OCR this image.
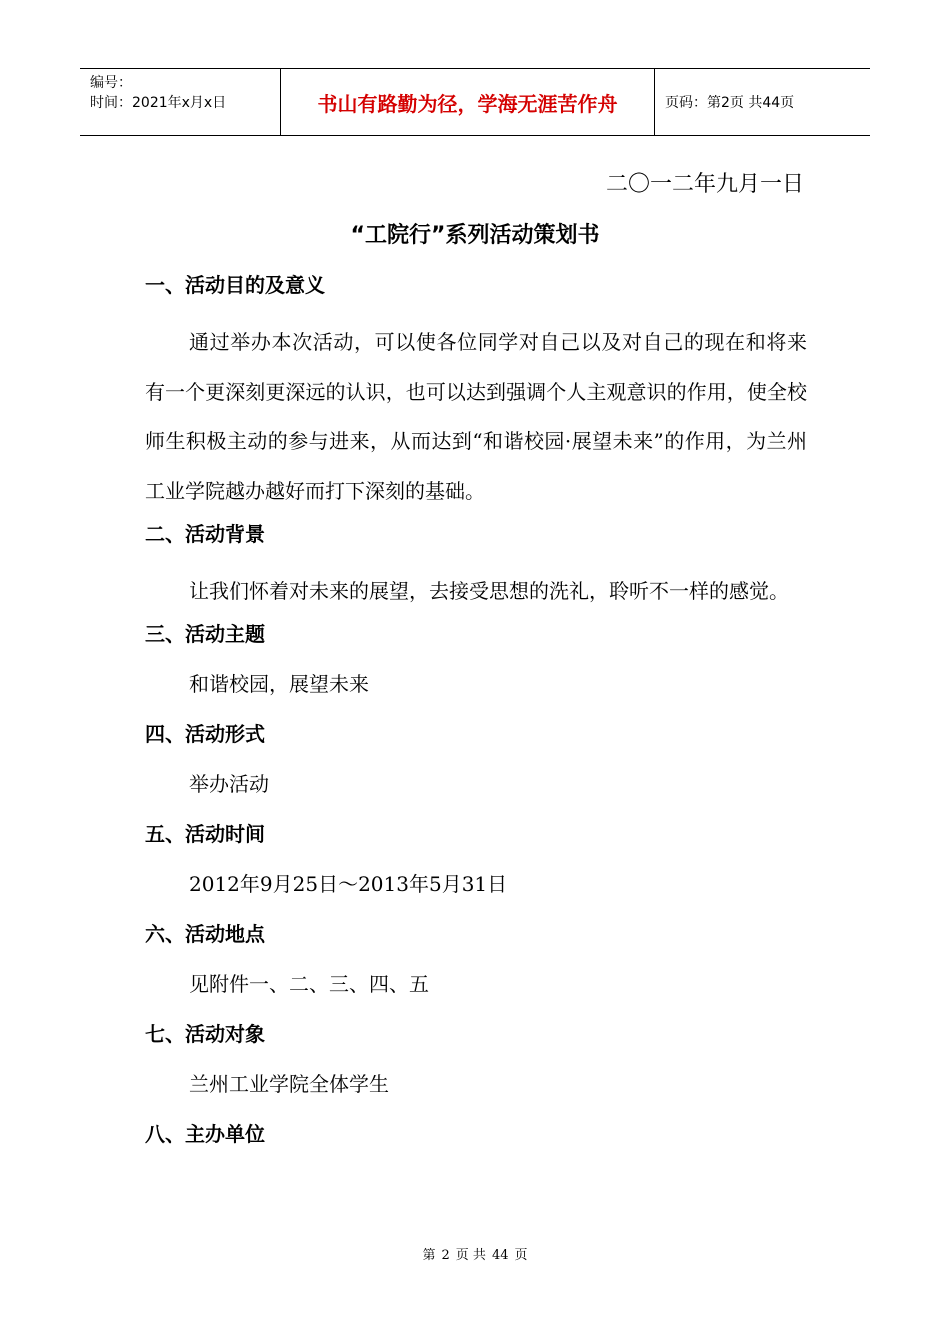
编号：
时间：2021年x月x日	书山有路勤为径，学海无涯苦作舟	页码：第2页 共44页
二〇一二年九月一日
“工院行”系列活动策划书
一、活动目的及意义

通过举办本次活动，可以使各位同学对自己以及对自己的现在和将来有一个更深刻更深远的认识，也可以达到强调个人主观意识的作用，使全校师生积极主动的参与进来，从而达到“和谐校园·展望未来”的作用，为兰州工业学院越办越好而打下深刻的基础。

二、活动背景

让我们怀着对未来的展望，去接受思想的洗礼，聆听不一样的感觉。

三、活动主题
和谐校园，展望未来
四、活动形式
举办活动
五、活动时间
2012年9月25日～2013年5月31日
六、活动地点
见附件一、二、三、四、五
七、活动对象
兰州工业学院全体学生
八、主办单位
第 2 页 共 44 页
